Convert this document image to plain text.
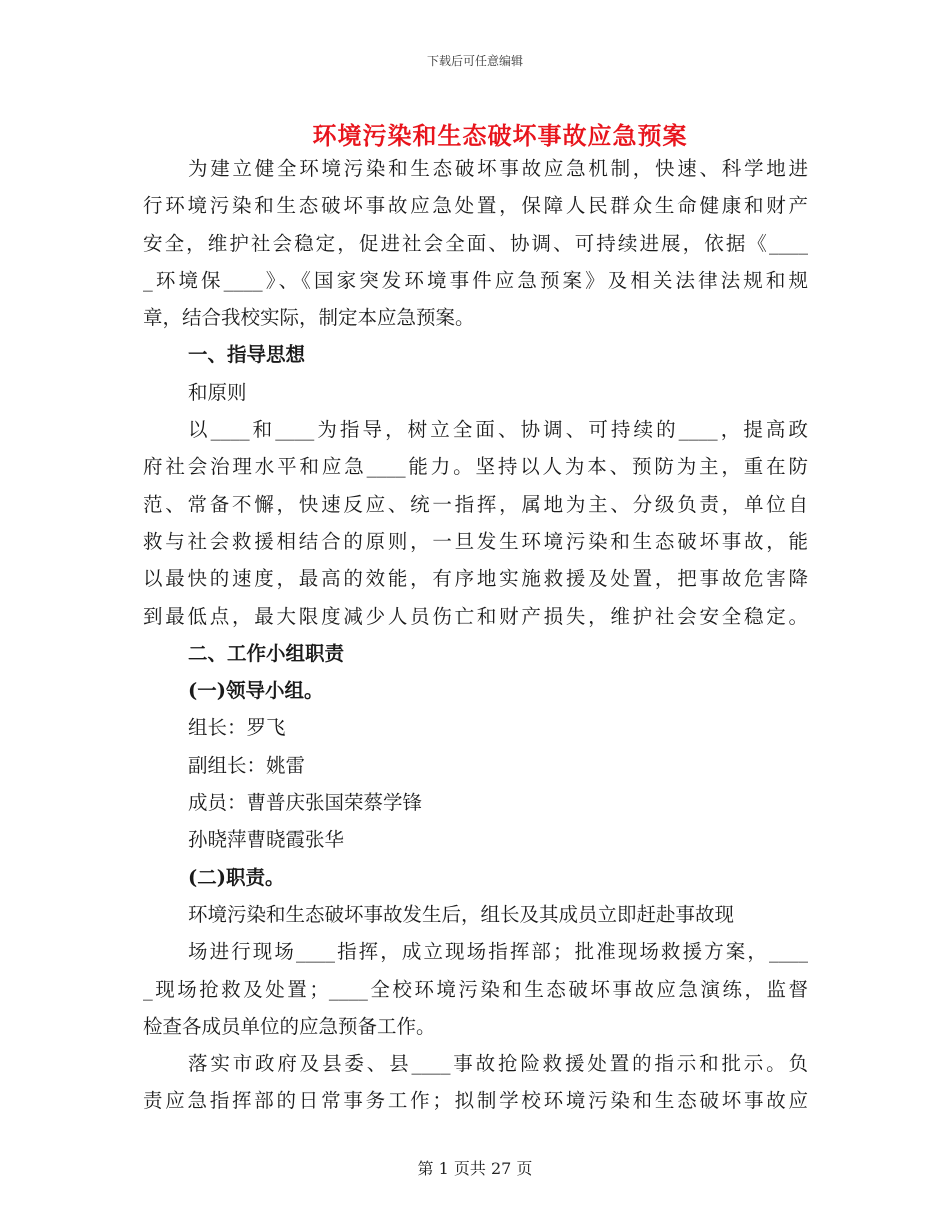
下载后可任意编辑
环境污染和生态破坏事故应急预案
为建立健全环境污染和生态破坏事故应急机制，快速、科学地进
行环境污染和生态破坏事故应急处置，保障人民群众生命健康和财产
安全，维护社会稳定，促进社会全面、协调、可持续进展，依据《____
_环境保____》、《国家突发环境事件应急预案》及相关法律法规和规
章，结合我校实际，制定本应急预案。
一、指导思想
和原则
以____和____为指导，树立全面、协调、可持续的____，提高政
府社会治理水平和应急____能力。坚持以人为本、预防为主，重在防
范、常备不懈，快速反应、统一指挥，属地为主、分级负责，单位自
救与社会救援相结合的原则，一旦发生环境污染和生态破坏事故，能
以最快的速度，最高的效能，有序地实施救援及处置，把事故危害降
到最低点，最大限度减少人员伤亡和财产损失，维护社会安全稳定。
二、工作小组职责
(一)领导小组。
组长：罗飞
副组长：姚雷
成员：曹普庆张国荣蔡学锋
孙晓萍曹晓霞张华
(二)职责。
环境污染和生态破坏事故发生后，组长及其成员立即赶赴事故现
场进行现场____指挥，成立现场指挥部；批准现场救援方案，____
_现场抢救及处置；____全校环境污染和生态破坏事故应急演练，监督
检查各成员单位的应急预备工作。
落实市政府及县委、县____事故抢险救援处置的指示和批示。负
责应急指挥部的日常事务工作；拟制学校环境污染和生态破坏事故应
第 1 页共 27 页
